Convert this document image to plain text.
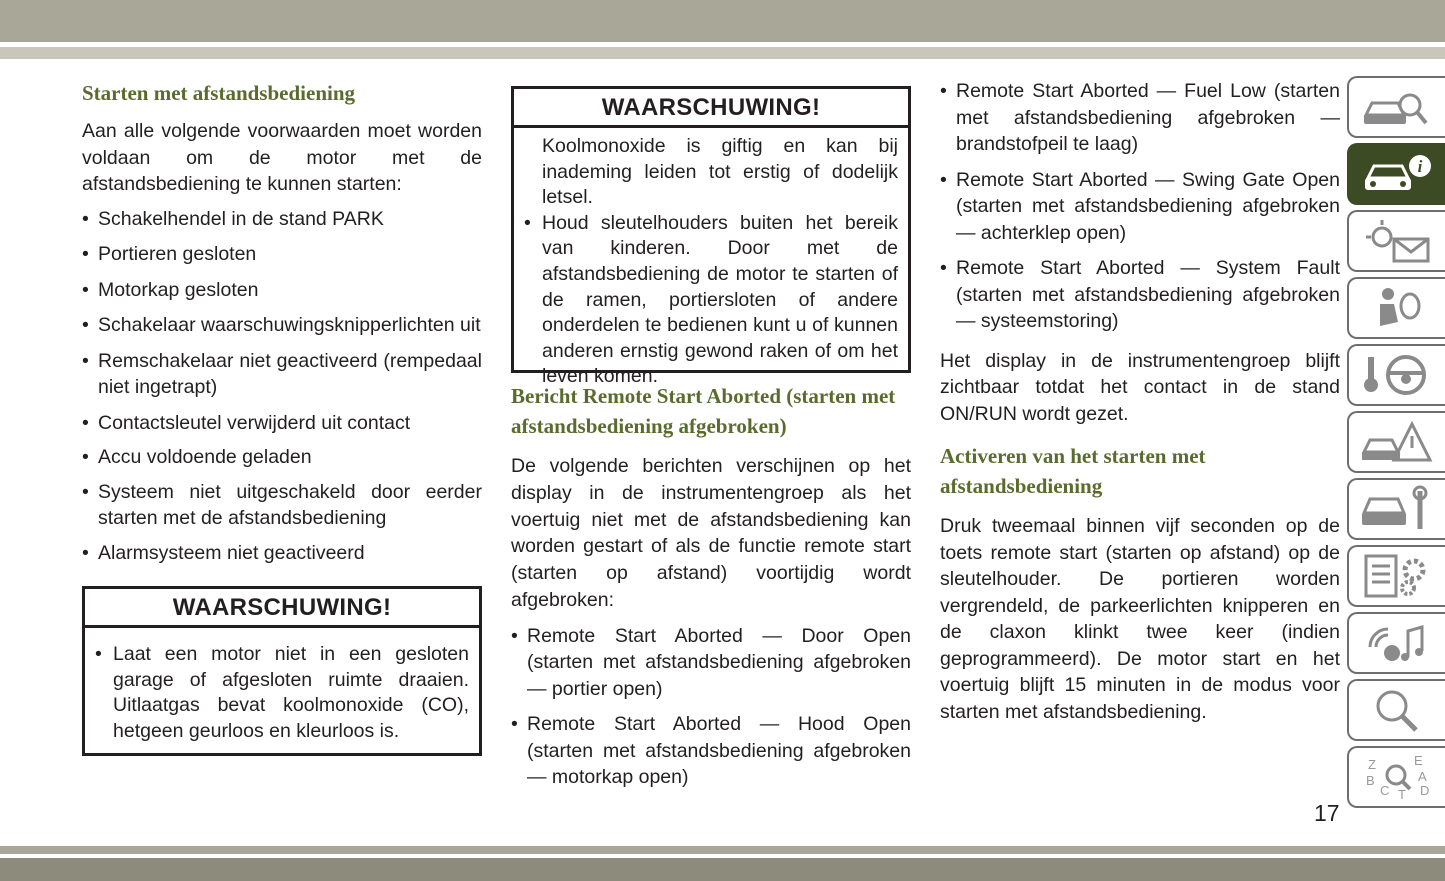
Starten met afstandsbediening

Aan alle volgende voorwaarden moet worden voldaan om de motor met de afstandsbediening te kunnen starten:

• Schakelhendel in de stand PARK
• Portieren gesloten
• Motorkap gesloten
• Schakelaar waarschuwingsknipperlichten uit
• Remschakelaar niet geactiveerd (rempedaal niet ingetrapt)
• Contactsleutel verwijderd uit contact
• Accu voldoende geladen
• Systeem niet uitgeschakeld door eerder starten met de afstandsbediening
• Alarmsysteem niet geactiveerd
WAARSCHUWING!
• Laat een motor niet in een gesloten garage of afgesloten ruimte draaien. Uitlaatgas bevat koolmonoxide (CO), hetgeen geurloos en kleurloos is.
WAARSCHUWING!

Koolmonoxide is giftig en kan bij inademing leiden tot erstig of dodelijk letsel.

• Houd sleutelhouders buiten het bereik van kinderen. Door met de afstandsbediening de motor te starten of de ramen, portiersloten of andere onderdelen te bedienen kunt u of kunnen anderen ernstig gewond raken of om het leven komen.
Bericht Remote Start Aborted (starten met afstandsbediening afgebroken)

De volgende berichten verschijnen op het display in de instrumentengroep als het voertuig niet met de afstandsbediening kan worden gestart of als de functie remote start (starten op afstand) voortijdig wordt afgebroken:

• Remote Start Aborted — Door Open (starten met afstandsbediening afgebroken — portier open)
• Remote Start Aborted — Hood Open (starten met afstandsbediening afgebroken — motorkap open)
• Remote Start Aborted — Fuel Low (starten met afstandsbediening afgebroken — brandstofpeil te laag)
• Remote Start Aborted — Swing Gate Open (starten met afstandsbediening afgebroken — achterklep open)
• Remote Start Aborted — System Fault (starten met afstandsbediening afgebroken — systeemstoring)

Het display in de instrumentengroep blijft zichtbaar totdat het contact in de stand ON/RUN wordt gezet.

Activeren van het starten met afstandsbediening

Druk tweemaal binnen vijf seconden op de toets remote start (starten op afstand) op de sleutelhouder. De portieren worden vergrendeld, de parkeerlichten knipperen en de claxon klinkt twee keer (indien geprogrammeerd). De motor start en het voertuig blijft 15 minuten in de modus voor starten met afstandsbediening.

i
Z	E
A
B
C D
T
17
